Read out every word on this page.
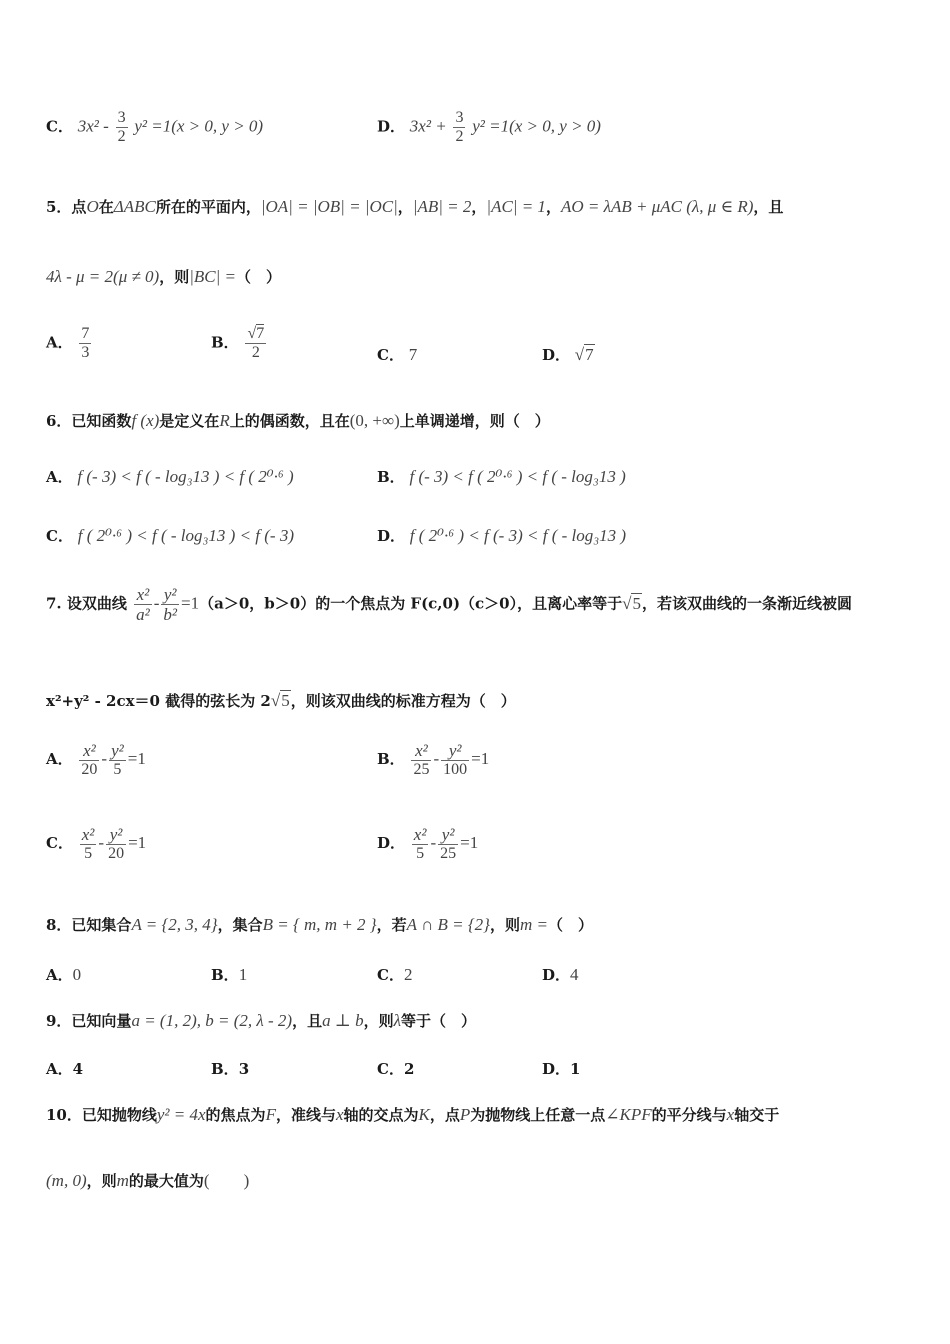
C． $3x^2 - \frac{3}{2} y^2 =1(x > 0$, y > 0)	D． $3x^2 + \frac{3}{2} y^2 =1(x > 0$, y > 0)
5．点O在ΔABC所在的平面内，|OA| = |OB| = |OC|，|AB| = 2，|AC| = 1，AO = λAB + μAC (λ, μ ∈ R)，且
4λ - μ = 2(μ ≠ 0)，则|BC| =（　）
A． $\frac{7}{3}$	B． $\frac{√7}{2}$	C． 7	D． √7
6．已知函数f (x)是定义在R上的偶函数，且在(0, +∞)上单调递增，则（　）
A． f (- 3) < f ( - log₃13 ) < f ( 2⁰·⁶ )	B． f (- 3) < f ( 2⁰·⁶ ) < f ( - log₃13 )
C． f ( 2⁰·⁶ ) < f ( - log₃13 ) < f (- 3)	D． f ( 2⁰·⁶ ) < f (- 3) < f ( - log₃13 )
7. 设双曲线 $\frac{\text{x²}}{\text{a²}} - \frac{\text{y²}}{\text{b²}} =1(a>0$，b＞0）的一个焦点为 F(c,0)（c＞0），且离心率等于√5，若该双曲线的一条渐近线被圆
x²+y² - 2cx＝0 截得的弦长为 2√5，则该双曲线的标准方程为（　）
A． $\frac{\text{x²}}{20} - \frac{\text{y²}}{5} =1$	B． $\frac{\text{x²}}{25} - \frac{\text{y²}}{100} =1$
C． $\frac{\text{x²}}{5} - \frac{\text{y²}}{20} =1$	D． $\frac{\text{x²}}{5} - \frac{\text{y²}}{25} =1$
8．已知集合A = {2, 3, 4}，集合B = { m, m + 2 }，若A ∩ B = {2}，则m =（　）
A．0	B．1	C．2	D．4
9．已知向量a = (1, 2), b = (2, λ - 2)，且a ⊥ b，则λ等于（　）
A．4	B．3	C．2	D．1
10．已知抛物线y² = 4x的焦点为F，准线与x轴的交点为K，点P为抛物线上任意一点∠KPF的平分线与x轴交于
(m, 0)，则m的最大值为(　　)
